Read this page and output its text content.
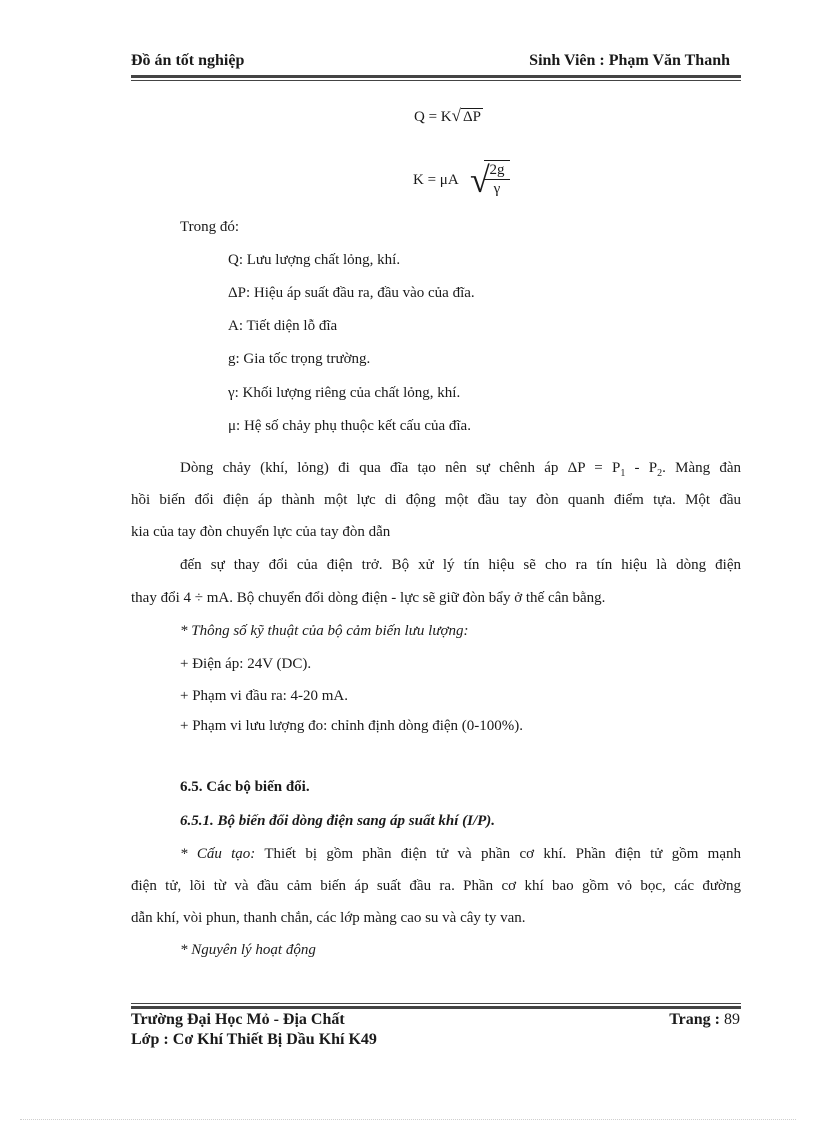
Đồ án tốt nghiệp	Sinh Viên : Phạm Văn Thanh
Q = K√ ΔP
K = μA √
$\frac{2g}{\gamma}$
Trong đó:
Q: Lưu lượng chất lỏng, khí.
ΔP: Hiệu áp suất đầu ra, đầu vào của đĩa.
A: Tiết diện lỗ đĩa
g: Gia tốc trọng trường.
γ: Khối lượng riêng của chất lỏng, khí.
μ: Hệ số chảy phụ thuộc kết cấu của đĩa.
Dòng chảy (khí, lỏng) đi qua đĩa tạo nên sự chênh áp $\Delta P = P_1 - P_2$. Màng đàn
hồi biến đổi điện áp thành một lực di động một đầu tay đòn quanh điểm tựa. Một đầu
kia của tay đòn chuyển lực của tay đòn dẫn
đến sự thay đổi của điện trở. Bộ xử lý tín hiệu sẽ cho ra tín hiệu là dòng điện
thay đổi 4 ÷ mA. Bộ chuyển đổi dòng điện - lực sẽ giữ đòn bẩy ở thế cân bằng.
* Thông số kỹ thuật của bộ cảm biến lưu lượng:
+ Điện áp: 24V (DC).
+ Phạm vi đầu ra: 4-20 mA.
+ Phạm vi lưu lượng đo: chỉnh định dòng điện (0-100%).
6.5. Các bộ biến đổi.
6.5.1. Bộ biến đổi dòng điện sang áp suất khí (I/P).
* Cấu tạo: Thiết bị gồm phần điện tử và phần cơ khí. Phần điện tử gồm mạnh
điện tử, lõi từ và đầu cảm biến áp suất đầu ra. Phần cơ khí bao gồm vỏ bọc, các đường
dẫn khí, vòi phun, thanh chắn, các lớp màng cao su và cây ty van.
* Nguyên lý hoạt động
Trường Đại Học Mỏ - Địa Chất	Trang : 89
Lớp : Cơ Khí Thiết Bị Dầu Khí K49
